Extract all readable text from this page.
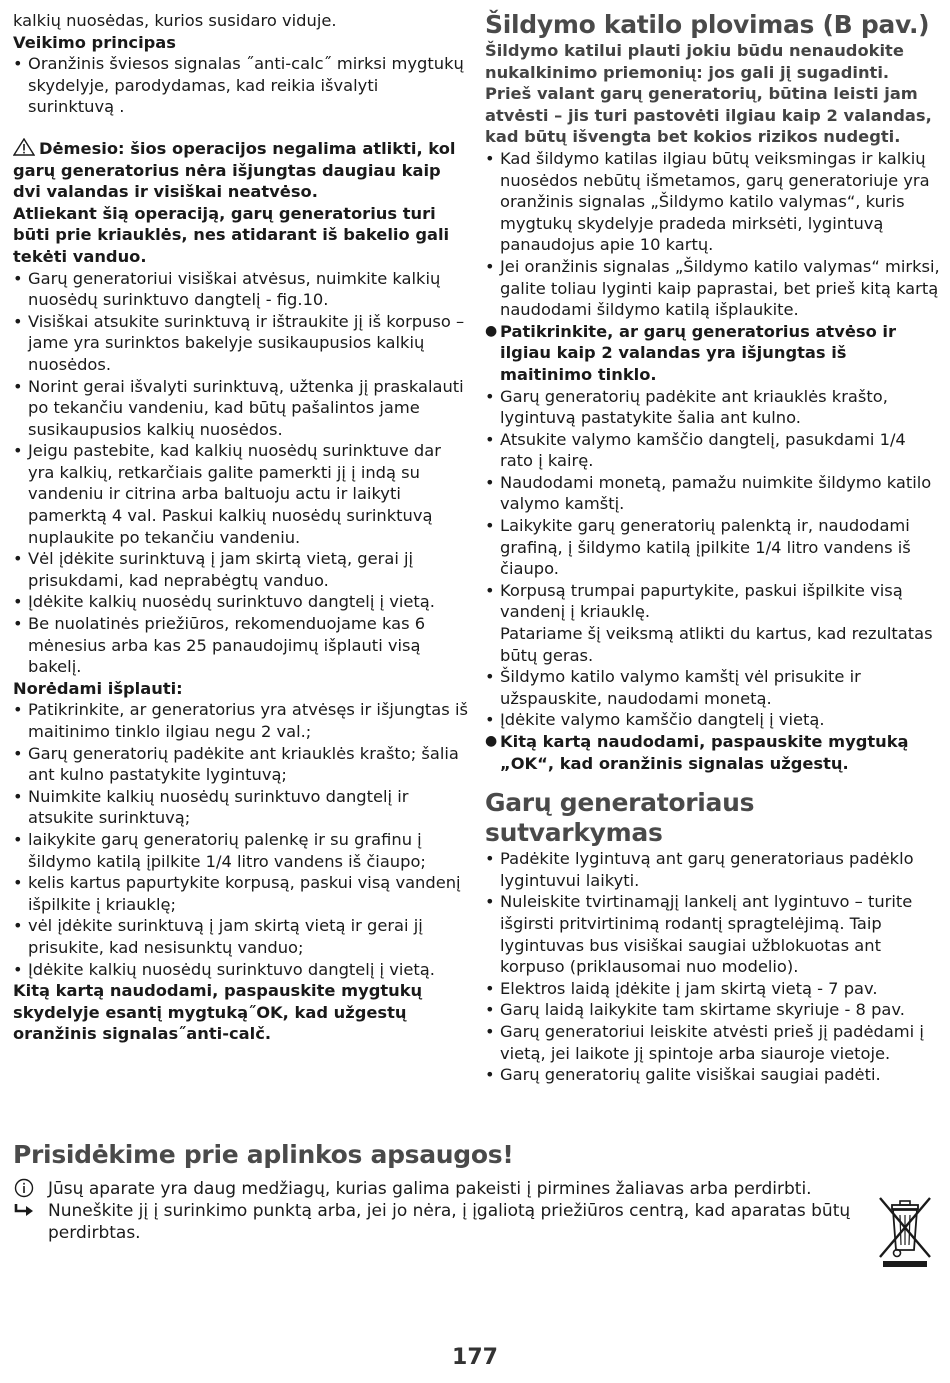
kalkių nuosėdas, kurios susidaro viduje.

Veikimo principas

• Oranžinis šviesos signalas ˝anti-calc˝ mirksi mygtukų skydelyje, parodydamas, kad reikia išvalyti surinktuvą .
Dėmesio: šios operacijos negalima atlikti, kol garų generatorius nėra išjungtas daugiau kaip dvi valandas ir visiškai neatvėso.

Atliekant šią operaciją, garų generatorius turi būti prie kriauklės, nes atidarant iš bakelio gali tekėti vanduo.

• Garų generatoriui visiškai atvėsus, nuimkite kalkių nuosėdų surinktuvo dangtelį - fig.10.
• Visiškai atsukite surinktuvą ir ištraukite jį iš korpuso – jame yra surinktos bakelyje susikaupusios kalkių nuosėdos.
• Norint gerai išvalyti surinktuvą, užtenka jį praskalauti po tekančiu vandeniu, kad būtų pašalintos jame susikaupusios kalkių nuosėdos.
• Jeigu pastebite, kad kalkių nuosėdų surinktuve dar yra kalkių, retkarčiais galite pamerkti jį į indą su vandeniu ir citrina arba baltuoju actu ir laikyti pamerktą 4 val. Paskui kalkių nuosėdų surinktuvą nuplaukite po tekančiu vandeniu.
• Vėl įdėkite surinktuvą į jam skirtą vietą, gerai jį prisukdami, kad neprabėgtų vanduo.
• Įdėkite kalkių nuosėdų surinktuvo dangtelį į vietą.
• Be nuolatinės priežiūros, rekomenduojame kas 6 mėnesius arba kas 25 panaudojimų išplauti visą bakelį.

Norėdami išplauti:

• Patikrinkite, ar generatorius yra atvėsęs ir išjungtas iš maitinimo tinklo ilgiau negu 2 val.;
• Garų generatorių padėkite ant kriauklės krašto; šalia ant kulno pastatykite lygintuvą;
• Nuimkite kalkių nuosėdų surinktuvo dangtelį ir atsukite surinktuvą;
• laikykite garų generatorių palenkę ir su grafinu į šildymo katilą įpilkite 1/4 litro vandens iš čiaupo;
• kelis kartus papurtykite korpusą, paskui visą vandenį išpilkite į kriauklę;
• vėl įdėkite surinktuvą į jam skirtą vietą ir gerai jį prisukite, kad nesisunktų vanduo;
• Įdėkite kalkių nuosėdų surinktuvo dangtelį į vietą.

Kitą kartą naudodami, paspauskite mygtukų skydelyje esantį mygtuką˝OK, kad užgestų oranžinis signalas˝anti-calč.

Šildymo katilo plovimas (B pav.)

Šildymo katilui plauti jokiu būdu nenaudokite nukalkinimo priemonių: jos gali jį sugadinti. Prieš valant garų generatorių, būtina leisti jam atvėsti – jis turi pastovėti ilgiau kaip 2 valandas, kad būtų išvengta bet kokios rizikos nudegti.

• Kad šildymo katilas ilgiau būtų veiksmingas ir kalkių nuosėdos nebūtų išmetamos, garų generatoriuje yra oranžinis signalas „Šildymo katilo valymas“, kuris mygtukų skydelyje pradeda mirksėti, lygintuvą panaudojus apie 10 kartų.
• Jei oranžinis signalas „Šildymo katilo valymas“ mirksi, galite toliau lyginti kaip paprastai, bet prieš kitą kartą naudodami šildymo katilą išplaukite.
● Patikrinkite, ar garų generatorius atvėso ir ilgiau kaip 2 valandas yra išjungtas iš maitinimo tinklo.
• Garų generatorių padėkite ant kriauklės krašto, lygintuvą pastatykite šalia ant kulno.
• Atsukite valymo kamščio dangtelį, pasukdami 1/4 rato į kairę.
• Naudodami monetą, pamažu nuimkite šildymo katilo valymo kamštį.
• Laikykite garų generatorių palenktą ir, naudodami grafiną, į šildymo katilą įpilkite 1/4 litro vandens iš čiaupo.
• Korpusą trumpai papurtykite, paskui išpilkite visą vandenį į kriauklę.

Patariame šį veiksmą atlikti du kartus, kad rezultatas būtų geras.

• Šildymo katilo valymo kamštį vėl prisukite ir užspauskite, naudodami monetą.
• Įdėkite valymo kamščio dangtelį į vietą.
● Kitą kartą naudodami, paspauskite mygtuką „OK“, kad oranžinis signalas užgestų.
Garų generatoriaus sutvarkymas
• Padėkite lygintuvą ant garų generatoriaus padėklo lygintuvui laikyti.
• Nuleiskite tvirtinamąjį lankelį ant lygintuvo – turite išgirsti pritvirtinimą rodantį spragtelėjimą. Taip lygintuvas bus visiškai saugiai užblokuotas ant korpuso (priklausomai nuo modelio).
• Elektros laidą įdėkite į jam skirtą vietą - 7 pav.
• Garų laidą laikykite tam skirtame skyriuje - 8 pav.
• Garų generatoriui leiskite atvėsti prieš jį padėdami į vietą, jei laikote jį spintoje arba siauroje vietoje.
• Garų generatorių galite visiškai saugiai padėti.
Prisidėkime prie aplinkos apsaugos!
Jūsų aparate yra daug medžiagų, kurias galima pakeisti į pirmines žaliavas arba perdirbti.
Nuneškite jį į surinkimo punktą arba, jei jo nėra, į įgaliotą priežiūros centrą, kad aparatas būtų perdirbtas.
177
